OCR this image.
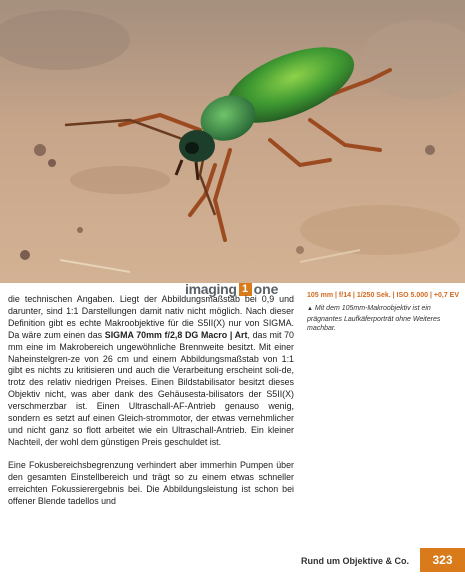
imaging 1 one

die technischen Angaben. Liegt der Abbildungsmaßstab bei 0,9 und darunter, sind 1:1 Darstellungen damit nativ nicht möglich. Nach dieser Definition gibt es echte Makroobjektive für die S5II(X) nur von SIGMA. Da wäre zum einen das SIGMA 70mm f/2,8 DG Macro | Art, das mit 70 mm eine im Makrobereich ungewöhnliche Brennweite besitzt. Mit einer Naheinstelgren-ze von 26 cm und einem Abbildungsmaßstab von 1:1 gibt es nichts zu kritisieren und auch die Verarbeitung erscheint soli-de, trotz des relativ niedrigen Preises. Einen Bildstabilisator besitzt dieses Objektiv nicht, was aber dank des Gehäusesta-bilisators der S5II(X) verschmerzbar ist. Einen Ultraschall-AF-Antrieb genauso wenig, sondern es setzt auf einen Gleich-strommotor, der etwas vernehmlicher und nicht ganz so flott arbeitet wie ein Ultraschall-Antrieb. Ein kleiner Nachteil, der wohl dem günstigen Preis geschuldet ist.

Eine Fokusbereichsbegrenzung verhindert aber immerhin Pumpen über den gesamten Einstellbereich und trägt so zu einem etwas schneller erreichten Fokussierergebnis bei. Die Abbildungsleistung ist schon bei offener Blende tadellos und

105 mm | f/14 | 1/250 Sek. | ISO 5.000 | +0,7 EV
▲ Mit dem 105mm-Makroobjektiv ist ein prägnantes Laufkäferporträt ohne Weiteres machbar.
Rund um Objektive & Co.	323
